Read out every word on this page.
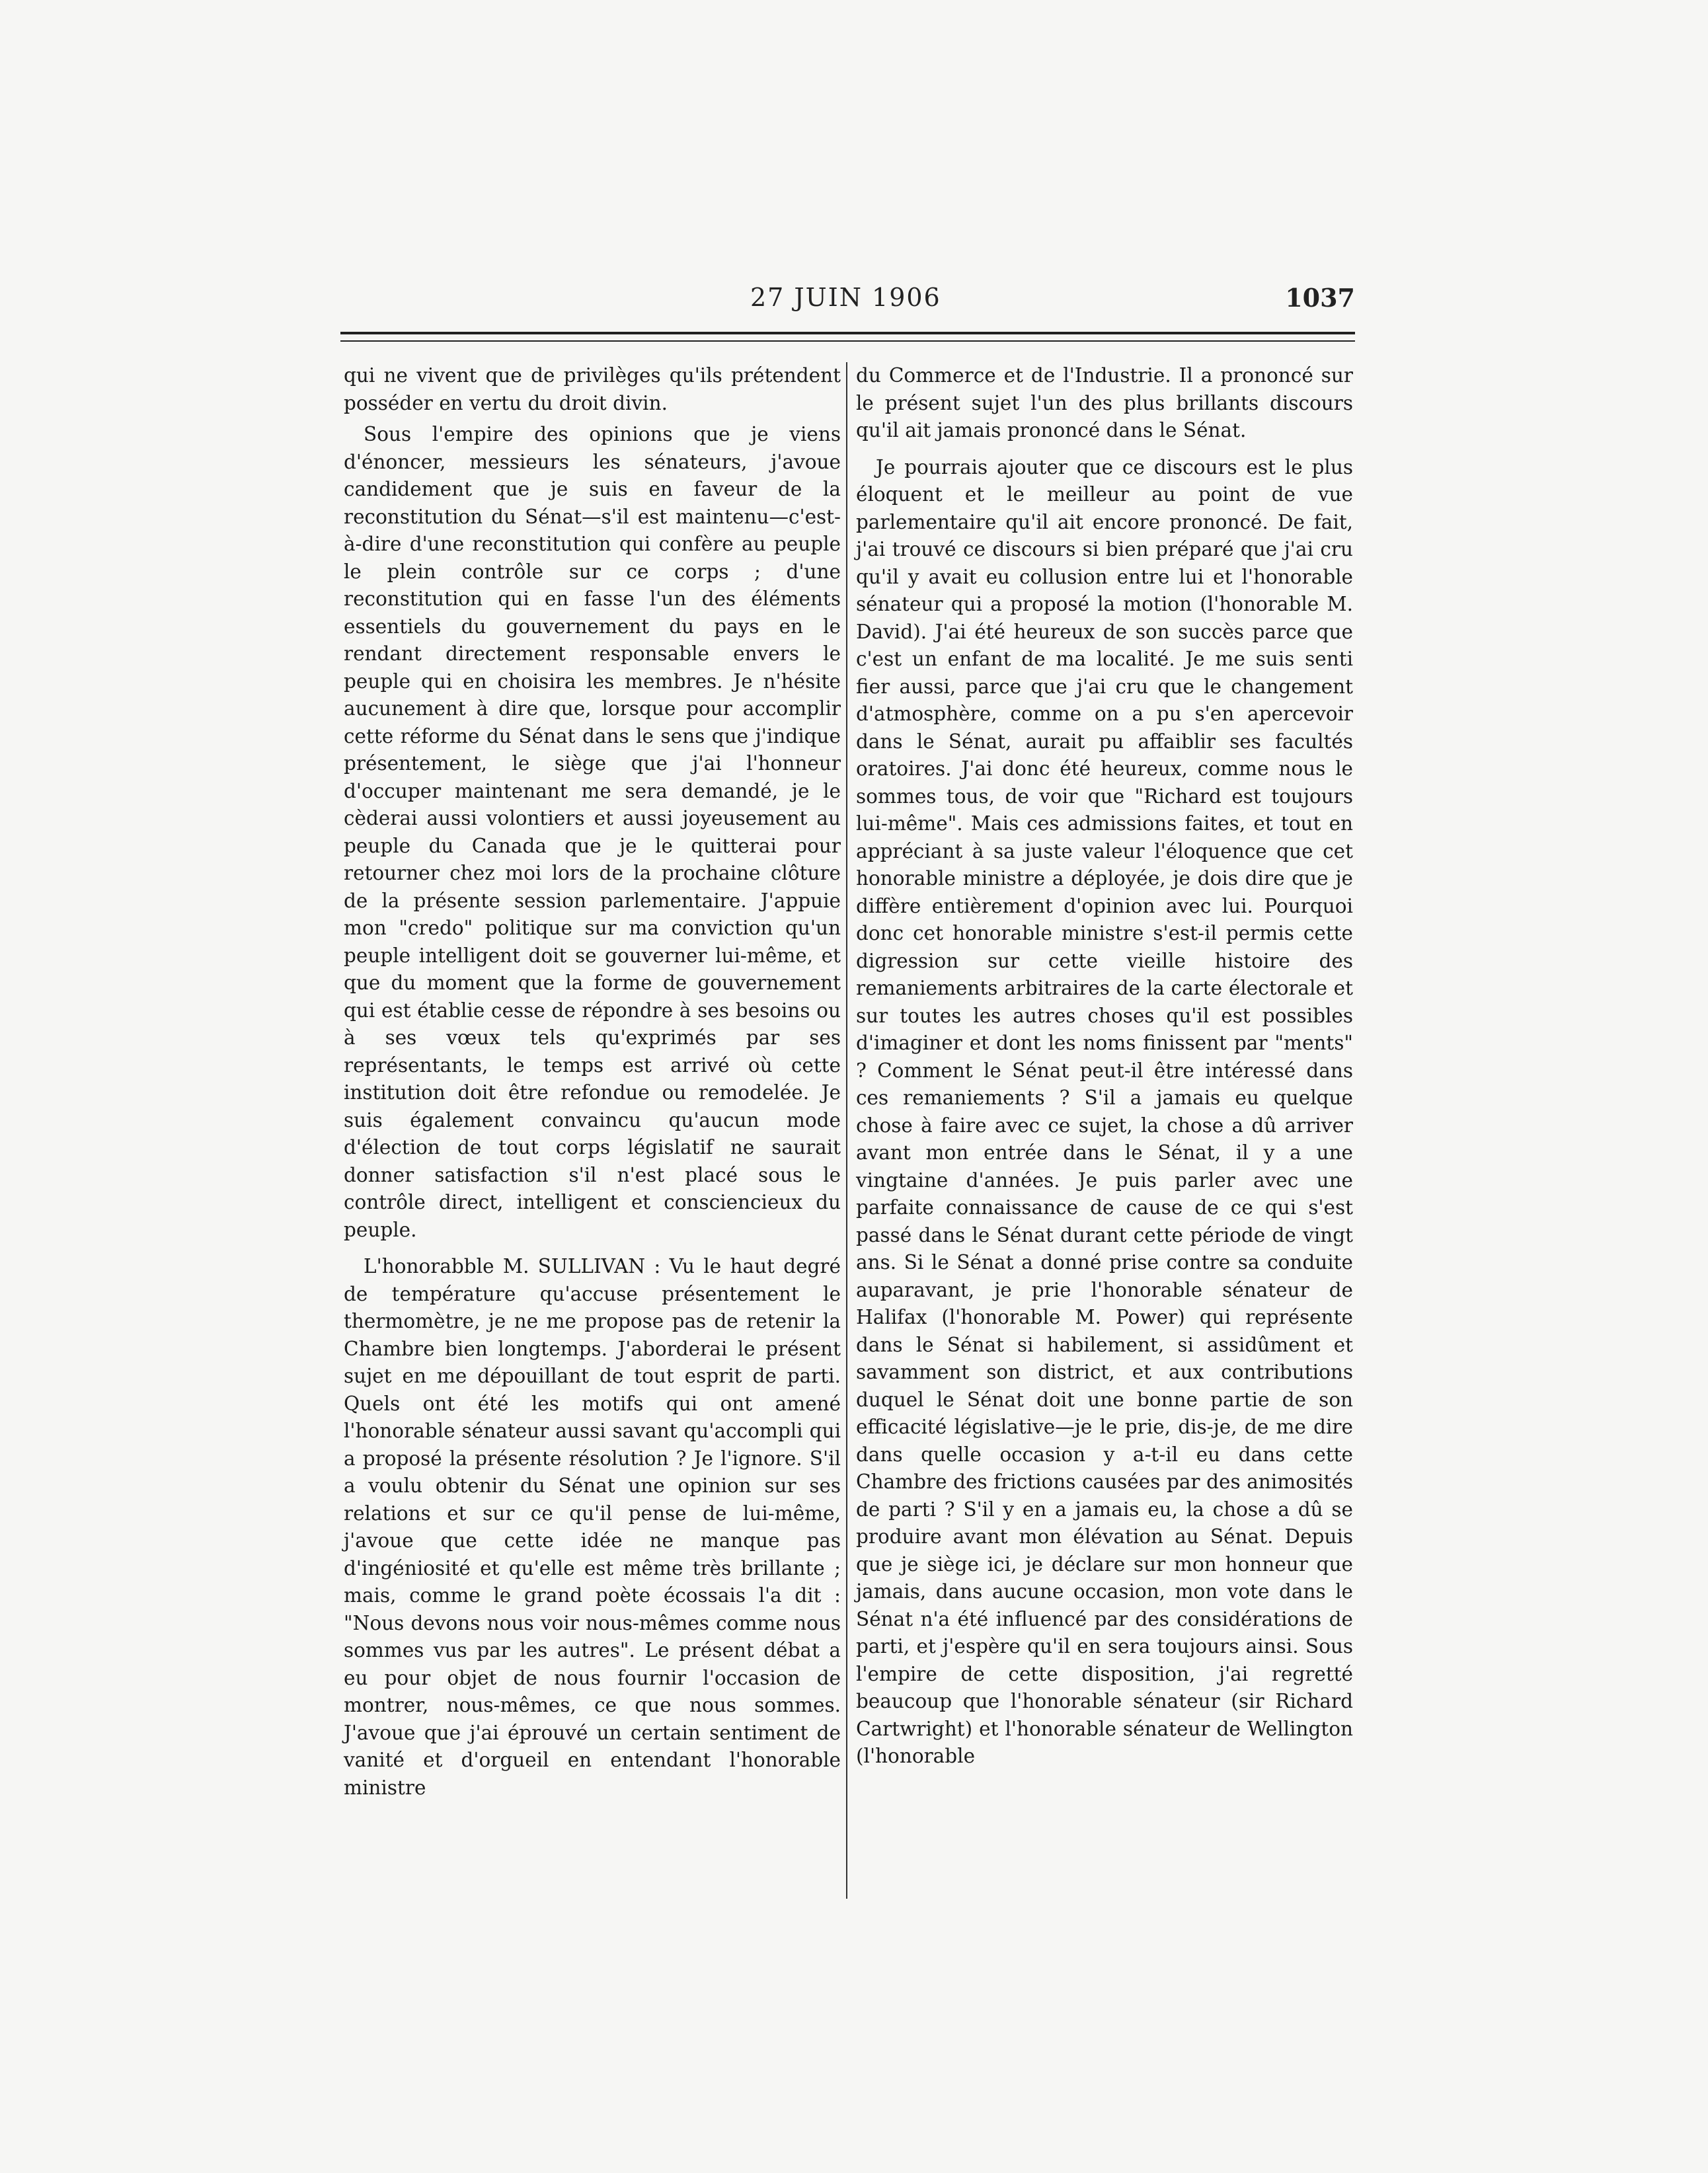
27 JUIN 1906	1037

qui ne vivent que de privilèges qu'ils prétendent posséder en vertu du droit divin.

Sous l'empire des opinions que je viens d'énoncer, messieurs les sénateurs, j'avoue candidement que je suis en faveur de la reconstitution du Sénat—s'il est maintenu—c'est-à-dire d'une reconstitution qui confère au peuple le plein contrôle sur ce corps ; d'une reconstitution qui en fasse l'un des éléments essentiels du gouvernement du pays en le rendant directement responsable envers le peuple qui en choisira les membres. Je n'hésite aucunement à dire que, lorsque pour accomplir cette réforme du Sénat dans le sens que j'indique présentement, le siège que j'ai l'honneur d'occuper maintenant me sera demandé, je le cèderai aussi volontiers et aussi joyeusement au peuple du Canada que je le quitterai pour retourner chez moi lors de la prochaine clôture de la présente session parlementaire. J'appuie mon "credo" politique sur ma conviction qu'un peuple intelligent doit se gouverner lui-même, et que du moment que la forme de gouvernement qui est établie cesse de répondre à ses besoins ou à ses vœux tels qu'exprimés par ses représentants, le temps est arrivé où cette institution doit être refondue ou remodelée. Je suis également convaincu qu'aucun mode d'élection de tout corps législatif ne saurait donner satisfaction s'il n'est placé sous le contrôle direct, intelligent et consciencieux du peuple.

L'honorabble M. SULLIVAN : Vu le haut degré de température qu'accuse présentement le thermomètre, je ne me propose pas de retenir la Chambre bien longtemps. J'aborderai le présent sujet en me dépouillant de tout esprit de parti. Quels ont été les motifs qui ont amené l'honorable sénateur aussi savant qu'accompli qui a proposé la présente résolution ? Je l'ignore. S'il a voulu obtenir du Sénat une opinion sur ses relations et sur ce qu'il pense de lui-même, j'avoue que cette idée ne manque pas d'ingéniosité et qu'elle est même très brillante ; mais, comme le grand poète écossais l'a dit : "Nous devons nous voir nous-mêmes comme nous sommes vus par les autres". Le présent débat a eu pour objet de nous fournir l'occasion de montrer, nous-mêmes, ce que nous sommes. J'avoue que j'ai éprouvé un certain sentiment de vanité et d'orgueil en entendant l'honorable ministre

du Commerce et de l'Industrie. Il a prononcé sur le présent sujet l'un des plus brillants discours qu'il ait jamais prononcé dans le Sénat.

Je pourrais ajouter que ce discours est le plus éloquent et le meilleur au point de vue parlementaire qu'il ait encore prononcé. De fait, j'ai trouvé ce discours si bien préparé que j'ai cru qu'il y avait eu collusion entre lui et l'honorable sénateur qui a proposé la motion (l'honorable M. David). J'ai été heureux de son succès parce que c'est un enfant de ma localité. Je me suis senti fier aussi, parce que j'ai cru que le changement d'atmosphère, comme on a pu s'en apercevoir dans le Sénat, aurait pu affaiblir ses facultés oratoires. J'ai donc été heureux, comme nous le sommes tous, de voir que "Richard est toujours lui-même". Mais ces admissions faites, et tout en appréciant à sa juste valeur l'éloquence que cet honorable ministre a déployée, je dois dire que je diffère entièrement d'opinion avec lui. Pourquoi donc cet honorable ministre s'est-il permis cette digression sur cette vieille histoire des remaniements arbitraires de la carte électorale et sur toutes les autres choses qu'il est possibles d'imaginer et dont les noms finissent par "ments" ? Comment le Sénat peut-il être intéressé dans ces remaniements ? S'il a jamais eu quelque chose à faire avec ce sujet, la chose a dû arriver avant mon entrée dans le Sénat, il y a une vingtaine d'années. Je puis parler avec une parfaite connaissance de cause de ce qui s'est passé dans le Sénat durant cette période de vingt ans. Si le Sénat a donné prise contre sa conduite auparavant, je prie l'honorable sénateur de Halifax (l'honorable M. Power) qui représente dans le Sénat si habilement, si assidûment et savamment son district, et aux contributions duquel le Sénat doit une bonne partie de son efficacité législative—je le prie, dis-je, de me dire dans quelle occasion y a-t-il eu dans cette Chambre des frictions causées par des animosités de parti ? S'il y en a jamais eu, la chose a dû se produire avant mon élévation au Sénat. Depuis que je siège ici, je déclare sur mon honneur que jamais, dans aucune occasion, mon vote dans le Sénat n'a été influencé par des considérations de parti, et j'espère qu'il en sera toujours ainsi. Sous l'empire de cette disposition, j'ai regretté beaucoup que l'honorable sénateur (sir Richard Cartwright) et l'honorable sénateur de Wellington (l'honorable
